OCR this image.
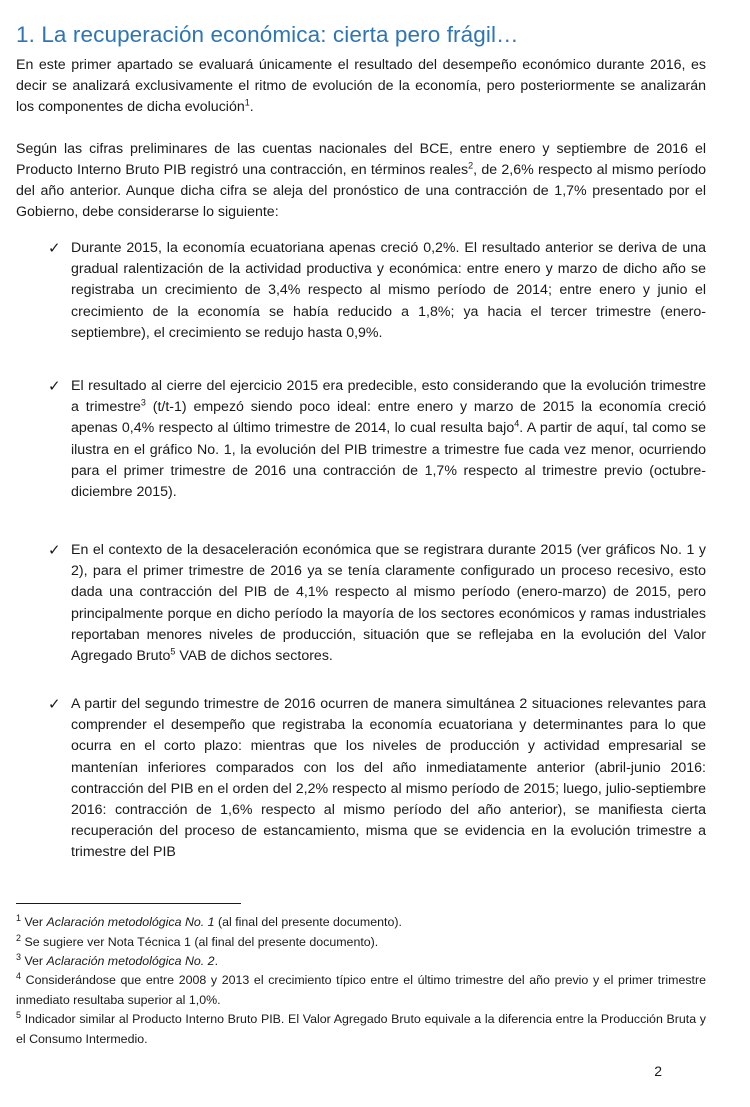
1. La recuperación económica: cierta pero frágil…

En este primer apartado se evaluará únicamente el resultado del desempeño económico durante 2016, es decir se analizará exclusivamente el ritmo de evolución de la economía, pero posteriormente se analizarán los componentes de dicha evolución$^1$.

Según las cifras preliminares de las cuentas nacionales del BCE, entre enero y septiembre de 2016 el Producto Interno Bruto PIB registró una contracción, en términos reales$^2$, de 2,6% respecto al mismo período del año anterior. Aunque dicha cifra se aleja del pronóstico de una contracción de 1,7% presentado por el Gobierno, debe considerarse lo siguiente:

✓ Durante 2015, la economía ecuatoriana apenas creció 0,2%. El resultado anterior se deriva de una gradual ralentización de la actividad productiva y económica: entre enero y marzo de dicho año se registraba un crecimiento de 3,4% respecto al mismo período de 2014; entre enero y junio el crecimiento de la economía se había reducido a 1,8%; ya hacia el tercer trimestre (enero-septiembre), el crecimiento se redujo hasta 0,9%.

✓ El resultado al cierre del ejercicio 2015 era predecible, esto considerando que la evolución trimestre a trimestre$^3$ (t/t-1) empezó siendo poco ideal: entre enero y marzo de 2015 la economía creció apenas 0,4% respecto al último trimestre de 2014, lo cual resulta bajo$^4$. A partir de aquí, tal como se ilustra en el gráfico No. 1, la evolución del PIB trimestre a trimestre fue cada vez menor, ocurriendo para el primer trimestre de 2016 una contracción de 1,7% respecto al trimestre previo (octubre-diciembre 2015).

✓ En el contexto de la desaceleración económica que se registrara durante 2015 (ver gráficos No. 1 y 2), para el primer trimestre de 2016 ya se tenía claramente configurado un proceso recesivo, esto dada una contracción del PIB de 4,1% respecto al mismo período (enero-marzo) de 2015, pero principalmente porque en dicho período la mayoría de los sectores económicos y ramas industriales reportaban menores niveles de producción, situación que se reflejaba en la evolución del Valor Agregado Bruto$^5$ VAB de dichos sectores.

✓ A partir del segundo trimestre de 2016 ocurren de manera simultánea 2 situaciones relevantes para comprender el desempeño que registraba la economía ecuatoriana y determinantes para lo que ocurra en el corto plazo: mientras que los niveles de producción y actividad empresarial se mantenían inferiores comparados con los del año inmediatamente anterior (abril-junio 2016: contracción del PIB en el orden del 2,2% respecto al mismo período de 2015; luego, julio-septiembre 2016: contracción de 1,6% respecto al mismo período del año anterior), se manifiesta cierta recuperación del proceso de estancamiento, misma que se evidencia en la evolución trimestre a trimestre del PIB

$^1$ Ver Aclaración metodológica No. 1 (al final del presente documento).

$^2$ Se sugiere ver Nota Técnica 1 (al final del presente documento).

$^3$ Ver Aclaración metodológica No. 2.

$^4$ Considerándose que entre 2008 y 2013 el crecimiento típico entre el último trimestre del año previo y el primer trimestre inmediato resultaba superior al 1,0%.

$^5$ Indicador similar al Producto Interno Bruto PIB. El Valor Agregado Bruto equivale a la diferencia entre la Producción Bruta y el Consumo Intermedio.

2
